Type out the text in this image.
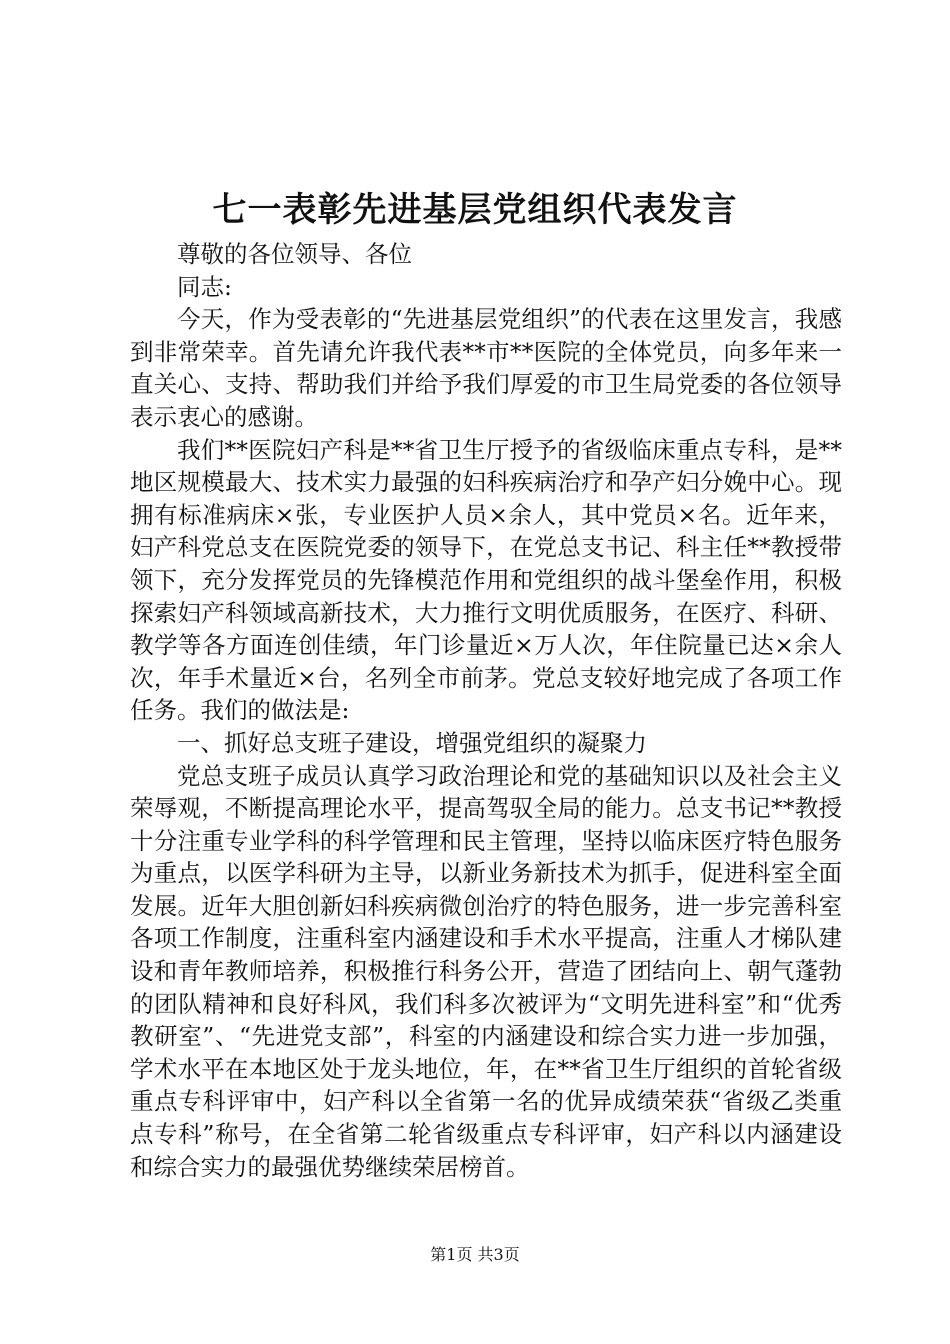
七一表彰先进基层党组织代表发言

尊敬的各位领导、各位

同志:

今天，作为受表彰的“先进基层党组织”的代表在这里发言，我感到非常荣幸。首先请允许我代表**市**医院的全体党员，向多年来一直关心、支持、帮助我们并给予我们厚爱的市卫生局党委的各位领导表示衷心的感谢。

我们**医院妇产科是**省卫生厅授予的省级临床重点专科，是**地区规模最大、技术实力最强的妇科疾病治疗和孕产妇分娩中心。现拥有标准病床×张，专业医护人员×余人，其中党员×名。近年来，妇产科党总支在医院党委的领导下，在党总支书记、科主任**教授带领下，充分发挥党员的先锋模范作用和党组织的战斗堡垒作用，积极探索妇产科领域高新技术，大力推行文明优质服务，在医疗、科研、教学等各方面连创佳绩，年门诊量近×万人次，年住院量已达×余人次，年手术量近×台，名列全市前茅。党总支较好地完成了各项工作任务。我们的做法是:

一、抓好总支班子建设，增强党组织的凝聚力

党总支班子成员认真学习政治理论和党的基础知识以及社会主义荣辱观，不断提高理论水平，提高驾驭全局的能力。总支书记**教授十分注重专业学科的科学管理和民主管理，坚持以临床医疗特色服务为重点，以医学科研为主导，以新业务新技术为抓手，促进科室全面发展。近年大胆创新妇科疾病微创治疗的特色服务，进一步完善科室各项工作制度，注重科室内涵建设和手术水平提高，注重人才梯队建设和青年教师培养，积极推行科务公开，营造了团结向上、朝气蓬勃的团队精神和良好科风，我们科多次被评为“文明先进科室”和“优秀教研室”、“先进党支部”，科室的内涵建设和综合实力进一步加强，学术水平在本地区处于龙头地位，年，在**省卫生厅组织的首轮省级重点专科评审中，妇产科以全省第一名的优异成绩荣获“省级乙类重点专科”称号，在全省第二轮省级重点专科评审，妇产科以内涵建设和综合实力的最强优势继续荣居榜首。

第1页 共3页
